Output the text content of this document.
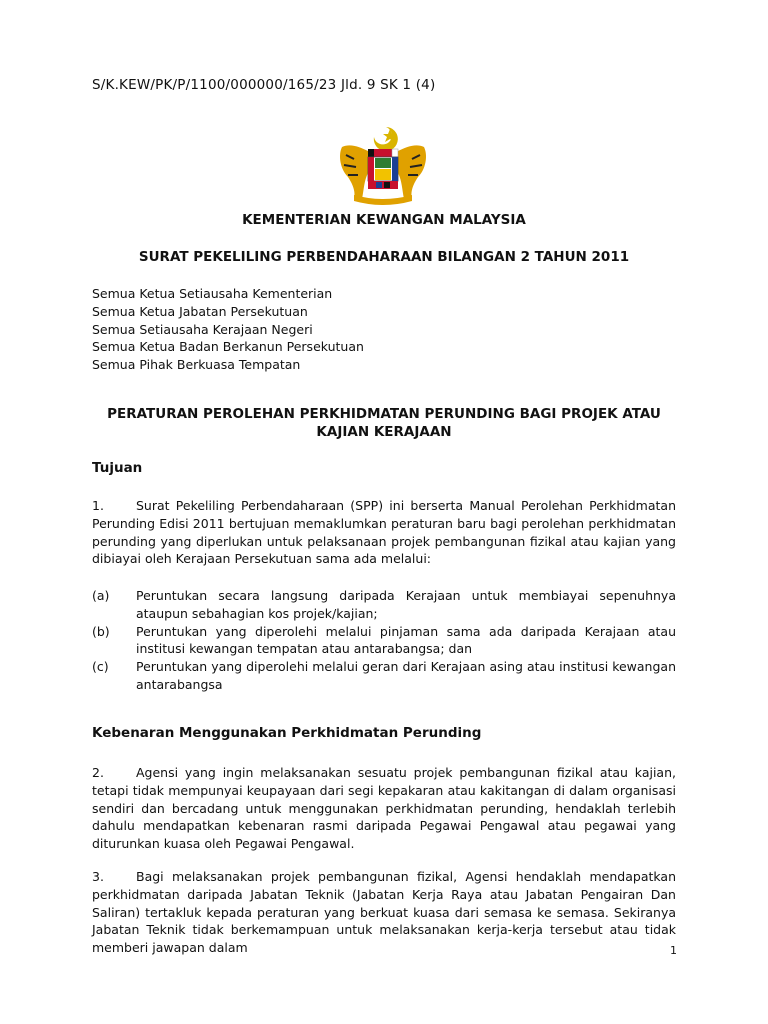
S/K.KEW/PK/P/1100/000000/165/23 Jld. 9 SK 1 (4)
KEMENTERIAN KEWANGAN MALAYSIA
SURAT PEKELILING PERBENDAHARAAN BILANGAN 2 TAHUN 2011
Semua Ketua Setiausaha Kementerian
Semua Ketua Jabatan Persekutuan
Semua Setiausaha Kerajaan Negeri
Semua Ketua Badan Berkanun Persekutuan
Semua Pihak Berkuasa Tempatan
PERATURAN PEROLEHAN PERKHIDMATAN PERUNDING BAGI PROJEK ATAU KAJIAN KERAJAAN
Tujuan
1.	Surat Pekeliling Perbendaharaan (SPP) ini berserta Manual Perolehan Perkhidmatan Perunding Edisi 2011 bertujuan memaklumkan peraturan baru bagi perolehan perkhidmatan perunding yang diperlukan untuk pelaksanaan projek pembangunan fizikal atau kajian yang dibiayai oleh Kerajaan Persekutuan sama ada melalui:
(a)	Peruntukan secara langsung daripada Kerajaan untuk membiayai sepenuhnya ataupun sebahagian kos projek/kajian;
(b)	Peruntukan yang diperolehi melalui pinjaman sama ada daripada Kerajaan atau institusi kewangan tempatan atau antarabangsa; dan
(c)	Peruntukan yang diperolehi melalui geran dari Kerajaan asing atau institusi kewangan antarabangsa
Kebenaran Menggunakan Perkhidmatan Perunding
2.	Agensi yang ingin melaksanakan sesuatu projek pembangunan fizikal atau kajian, tetapi tidak mempunyai keupayaan dari segi kepakaran atau kakitangan di dalam organisasi sendiri dan bercadang untuk menggunakan perkhidmatan perunding, hendaklah terlebih dahulu mendapatkan kebenaran rasmi daripada Pegawai Pengawal atau pegawai yang diturunkan kuasa oleh Pegawai Pengawal.
3.	Bagi melaksanakan projek pembangunan fizikal, Agensi hendaklah mendapatkan perkhidmatan daripada Jabatan Teknik (Jabatan Kerja Raya atau Jabatan Pengairan Dan Saliran) tertakluk kepada peraturan yang berkuat kuasa dari semasa ke semasa. Sekiranya Jabatan Teknik tidak berkemampuan untuk melaksanakan kerja-kerja tersebut atau tidak memberi jawapan dalam	1
